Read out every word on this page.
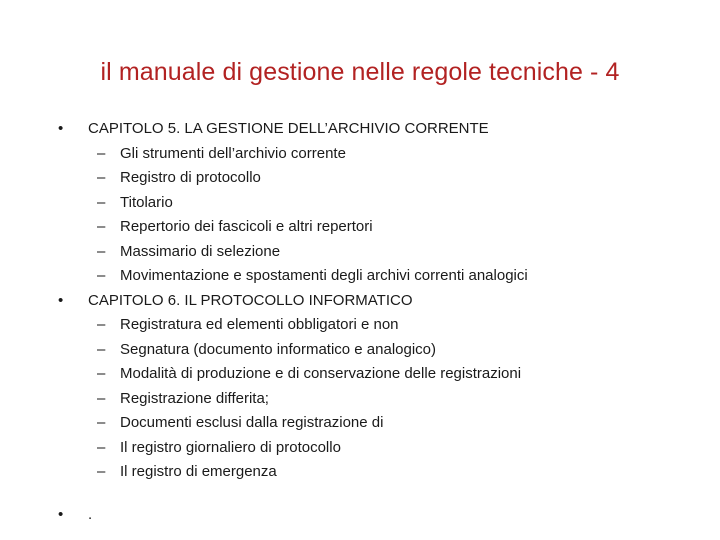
il manuale di gestione nelle regole tecniche - 4
• CAPITOLO 5. LA GESTIONE DELL’ARCHIVIO CORRENTE
– Gli strumenti dell’archivio corrente
– Registro di protocollo
– Titolario
– Repertorio dei fascicoli e altri repertori
– Massimario di selezione
– Movimentazione e spostamenti degli archivi correnti analogici
• CAPITOLO 6. IL PROTOCOLLO INFORMATICO
– Registratura ed elementi obbligatori e non
– Segnatura (documento informatico e analogico)
– Modalità di produzione e di conservazione delle registrazioni
– Registrazione differita;
– Documenti esclusi dalla registrazione di
– Il registro giornaliero di protocollo
– Il registro di emergenza
• .
